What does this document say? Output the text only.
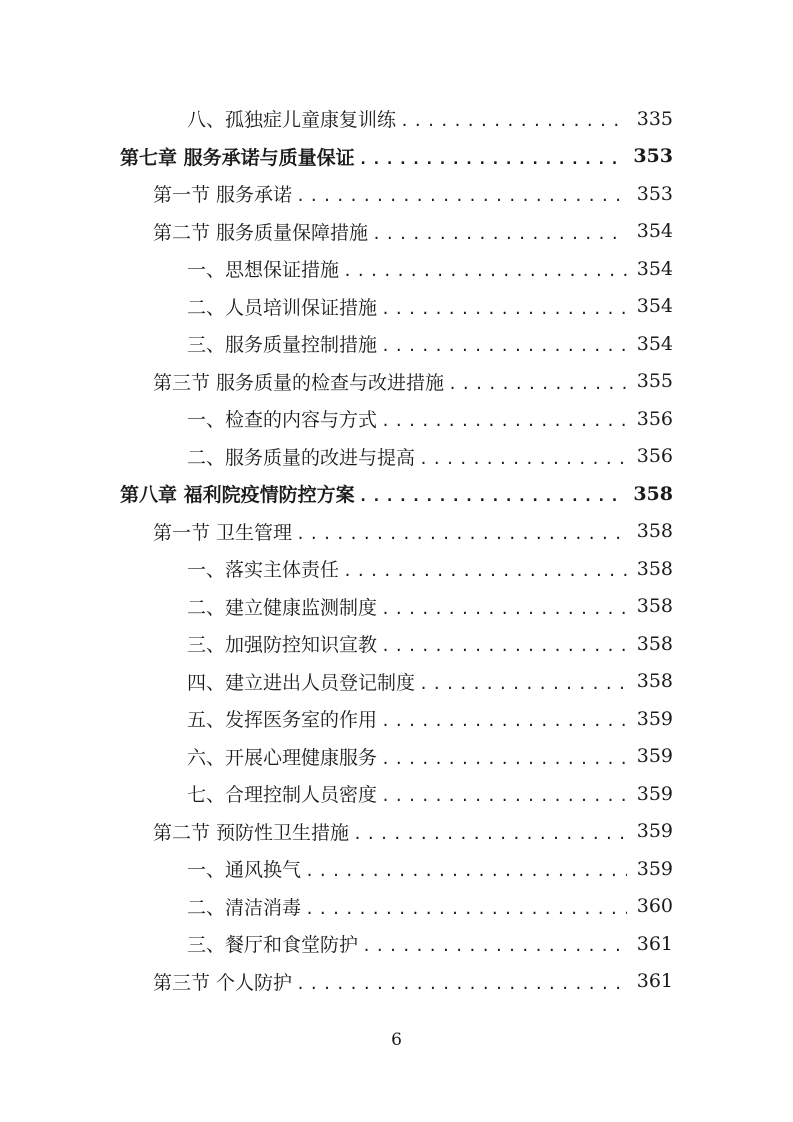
八、孤独症儿童康复训练 .....	335
第七章 服务承诺与质量保证 .....	353
第一节 服务承诺 .....	353
第二节 服务质量保障措施 .....	354
一、思想保证措施 .....	354
二、人员培训保证措施 .....	354
三、服务质量控制措施 .....	354
第三节 服务质量的检查与改进措施 .....	355
一、检查的内容与方式 .....	356
二、服务质量的改进与提高 .....	356
第八章 福利院疫情防控方案 .....	358
第一节 卫生管理 .....	358
一、落实主体责任 .....	358
二、建立健康监测制度 .....	358
三、加强防控知识宣教 .....	358
四、建立进出人员登记制度 .....	358
五、发挥医务室的作用 .....	359
六、开展心理健康服务 .....	359
七、合理控制人员密度 .....	359
第二节 预防性卫生措施 .....	359
一、通风换气 .....	359
二、清洁消毒 .....	360
三、餐厅和食堂防护 .....	361
第三节 个人防护 .....	361
6
